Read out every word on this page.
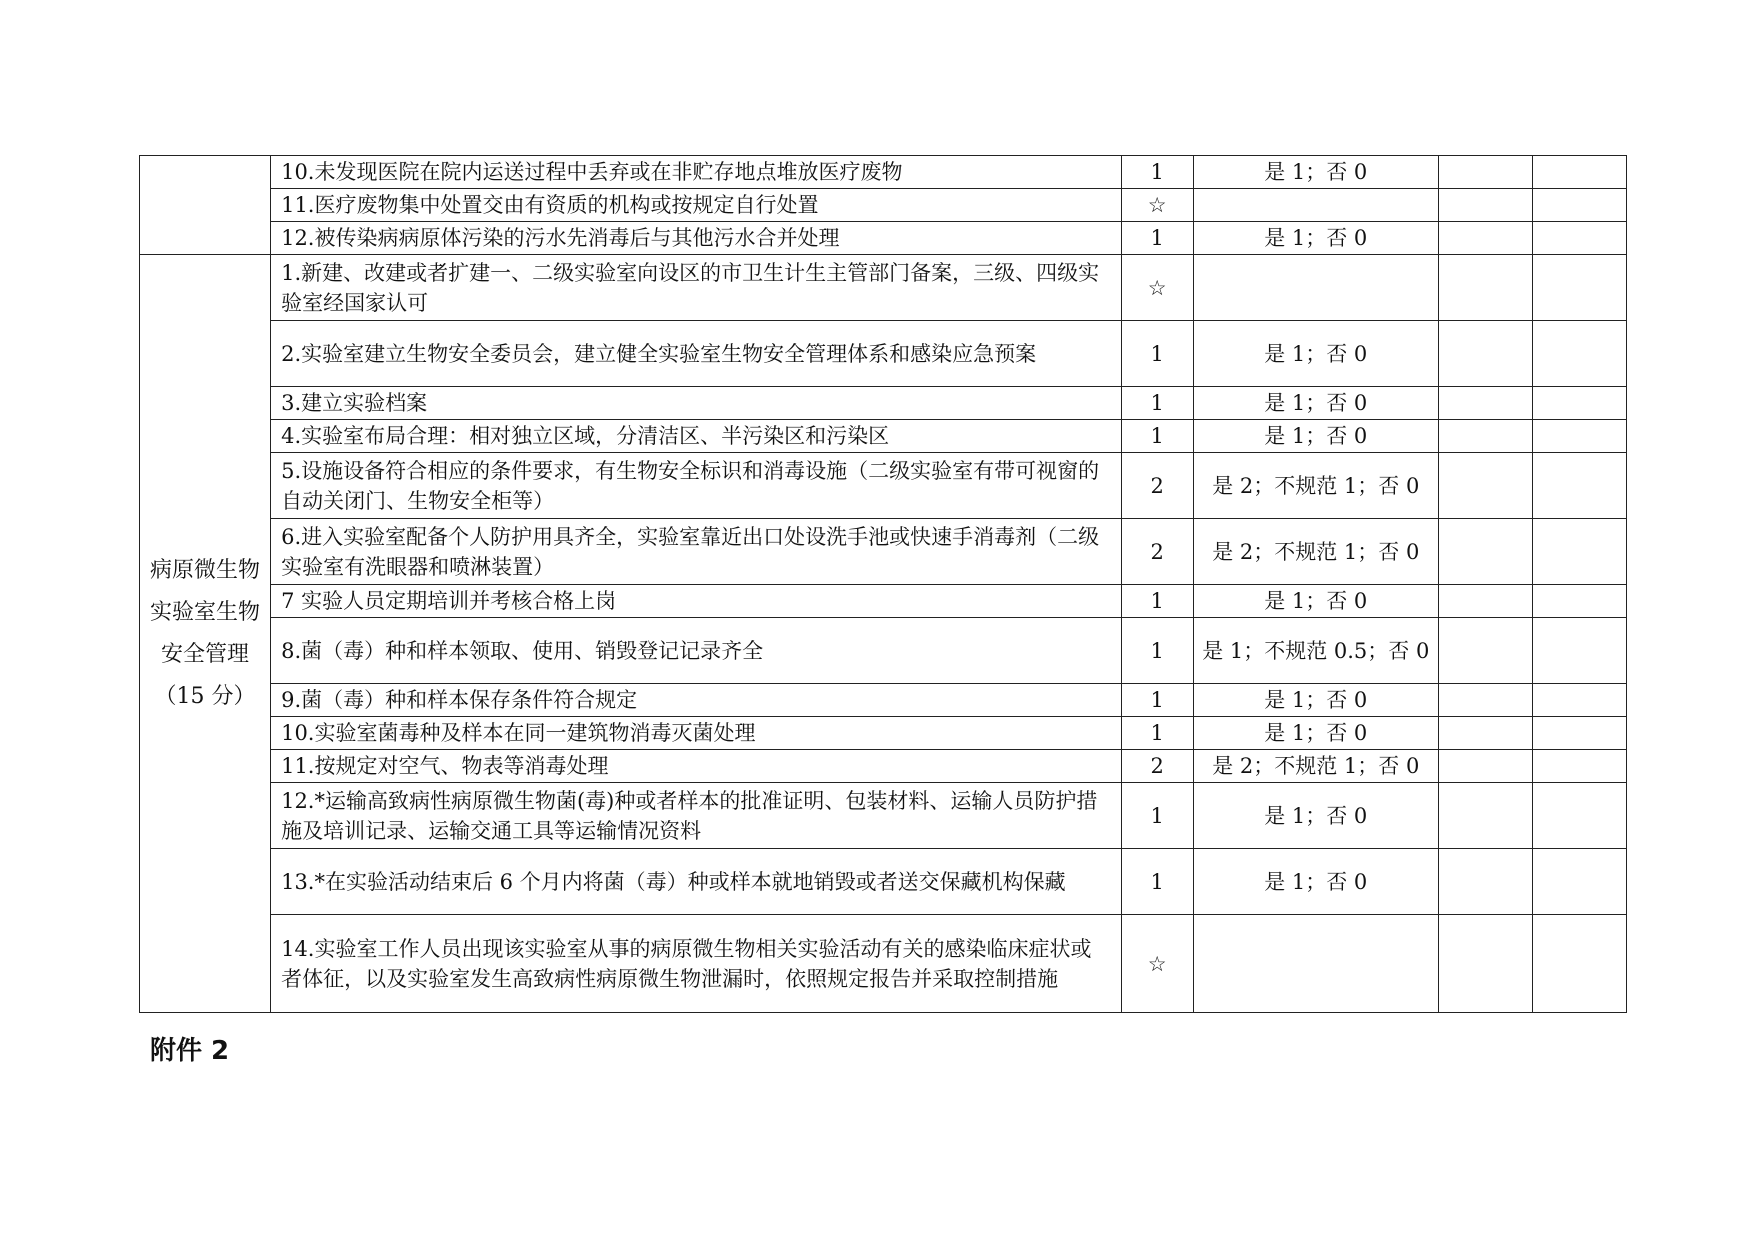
	10.未发现医院在院内运送过程中丢弃或在非贮存地点堆放医疗废物	1	是 1；否 0		
	11.医疗废物集中处置交由有资质的机构或按规定自行处置	☆			
	12.被传染病病原体污染的污水先消毒后与其他污水合并处理	1	是 1；否 0		
病原微生物实验室生物安全管理（15 分）	1.新建、改建或者扩建一、二级实验室向设区的市卫生计生主管部门备案，三级、四级实验室经国家认可	☆			
	2.实验室建立生物安全委员会，建立健全实验室生物安全管理体系和感染应急预案	1	是 1；否 0		
	3.建立实验档案	1	是 1；否 0		
	4.实验室布局合理：相对独立区域，分清洁区、半污染区和污染区	1	是 1；否 0		
	5.设施设备符合相应的条件要求，有生物安全标识和消毒设施（二级实验室有带可视窗的自动关闭门、生物安全柜等）	2	是 2；不规范 1；否 0		
	6.进入实验室配备个人防护用具齐全，实验室靠近出口处设洗手池或快速手消毒剂（二级实验室有洗眼器和喷淋装置）	2	是 2；不规范 1；否 0		
	7 实验人员定期培训并考核合格上岗	1	是 1；否 0		
	8.菌（毒）种和样本领取、使用、销毁登记记录齐全	1	是 1；不规范 0.5；否 0		
	9.菌（毒）种和样本保存条件符合规定	1	是 1；否 0		
	10.实验室菌毒种及样本在同一建筑物消毒灭菌处理	1	是 1；否 0		
	11.按规定对空气、物表等消毒处理	2	是 2；不规范 1；否 0		
	12.*运输高致病性病原微生物菌(毒)种或者样本的批准证明、包装材料、运输人员防护措施及培训记录、运输交通工具等运输情况资料	1	是 1；否 0		
	13.*在实验活动结束后 6 个月内将菌（毒）种或样本就地销毁或者送交保藏机构保藏	1	是 1；否 0		
	14.实验室工作人员出现该实验室从事的病原微生物相关实验活动有关的感染临床症状或者体征，以及实验室发生高致病性病原微生物泄漏时，依照规定报告并采取控制措施	☆			
附件 2
